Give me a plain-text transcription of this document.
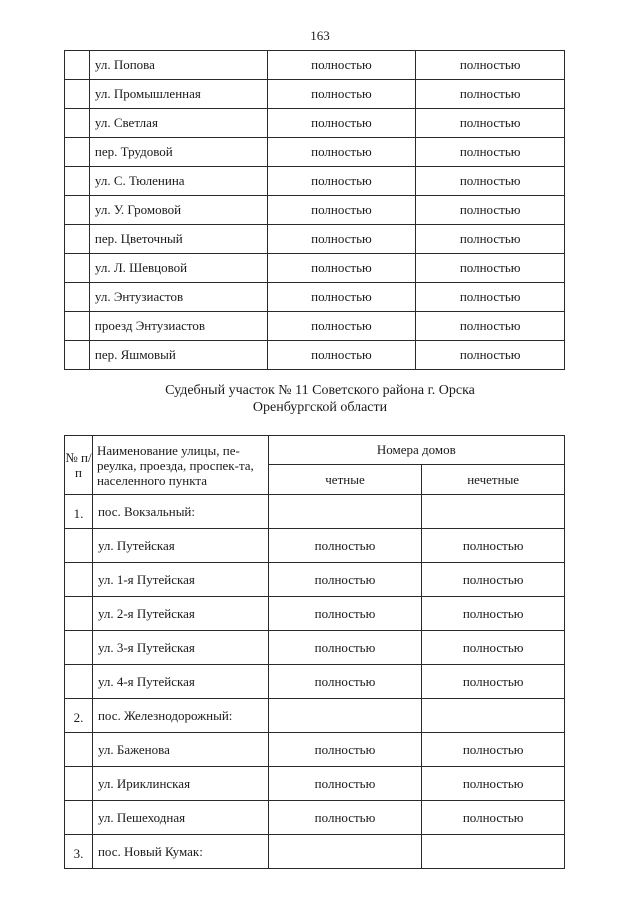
163
	ул. Попова	полностью	полностью
	ул. Промышленная	полностью	полностью
	ул. Светлая	полностью	полностью
	пер. Трудовой	полностью	полностью
	ул. С. Тюленина	полностью	полностью
	ул. У. Громовой	полностью	полностью
	пер. Цветочный	полностью	полностью
	ул. Л. Шевцовой	полностью	полностью
	ул. Энтузиастов	полностью	полностью
	проезд Энтузиастов	полностью	полностью
	пер. Яшмовый	полностью	полностью
Судебный участок № 11 Советского района г. Орска
Оренбургской области
№ п/п	Наименование улицы, пе-реулка, проезда, проспек-та, населенного пункта	Номера домов	
		четные	нечетные
1.	пос. Вокзальный:		
	ул. Путейская	полностью	полностью
	ул. 1-я Путейская	полностью	полностью
	ул. 2-я Путейская	полностью	полностью
	ул. 3-я Путейская	полностью	полностью
	ул. 4-я Путейская	полностью	полностью
2.	пос. Железнодорожный:		
	ул. Баженова	полностью	полностью
	ул. Ириклинская	полностью	полностью
	ул. Пешеходная	полностью	полностью
3.	пос. Новый Кумак:		
